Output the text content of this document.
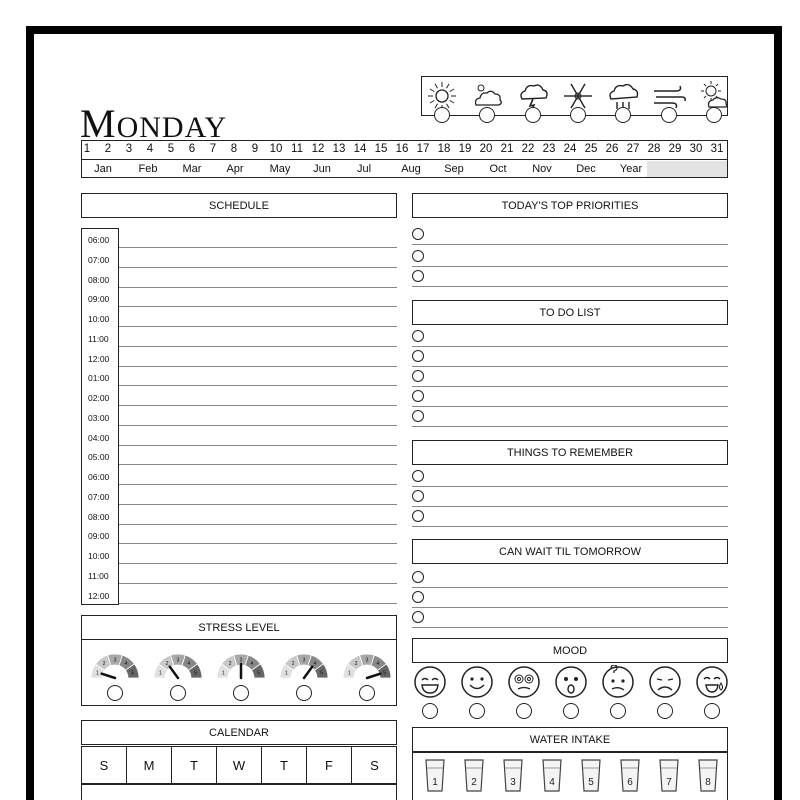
MONDAY
1 2 3 4 5 6 7 8 9 10 11 12 13 14 15 16 17 18 19 20 21 22 23 24 25 26 27 28 29 30 31
Jan Feb Mar Apr May Jun Jul	Aug Sep Oct Nov Dec Year
SCHEDULE
06:00
07:00
08:00
09:00
10:00
11:00
12:00
01:00
02:00
03:00
04:00
05:00
06:00
07:00
08:00
09:00
10:00
11:00
12:00
TODAY'S TOP PRIORITIES
TO DO LIST
THINGS TO REMEMBER
CAN WAIT TIL TOMORROW
STRESS LEVEL
1
2
3
4
5	1
2
3
4
5	1
2
3
4
5	1
2
3
4
5	1
2
3
4
5
MOOD
CALENDAR
S	M	T	W	T	F	S
WATER INTAKE
1	2	3	4	5	6	7	8
